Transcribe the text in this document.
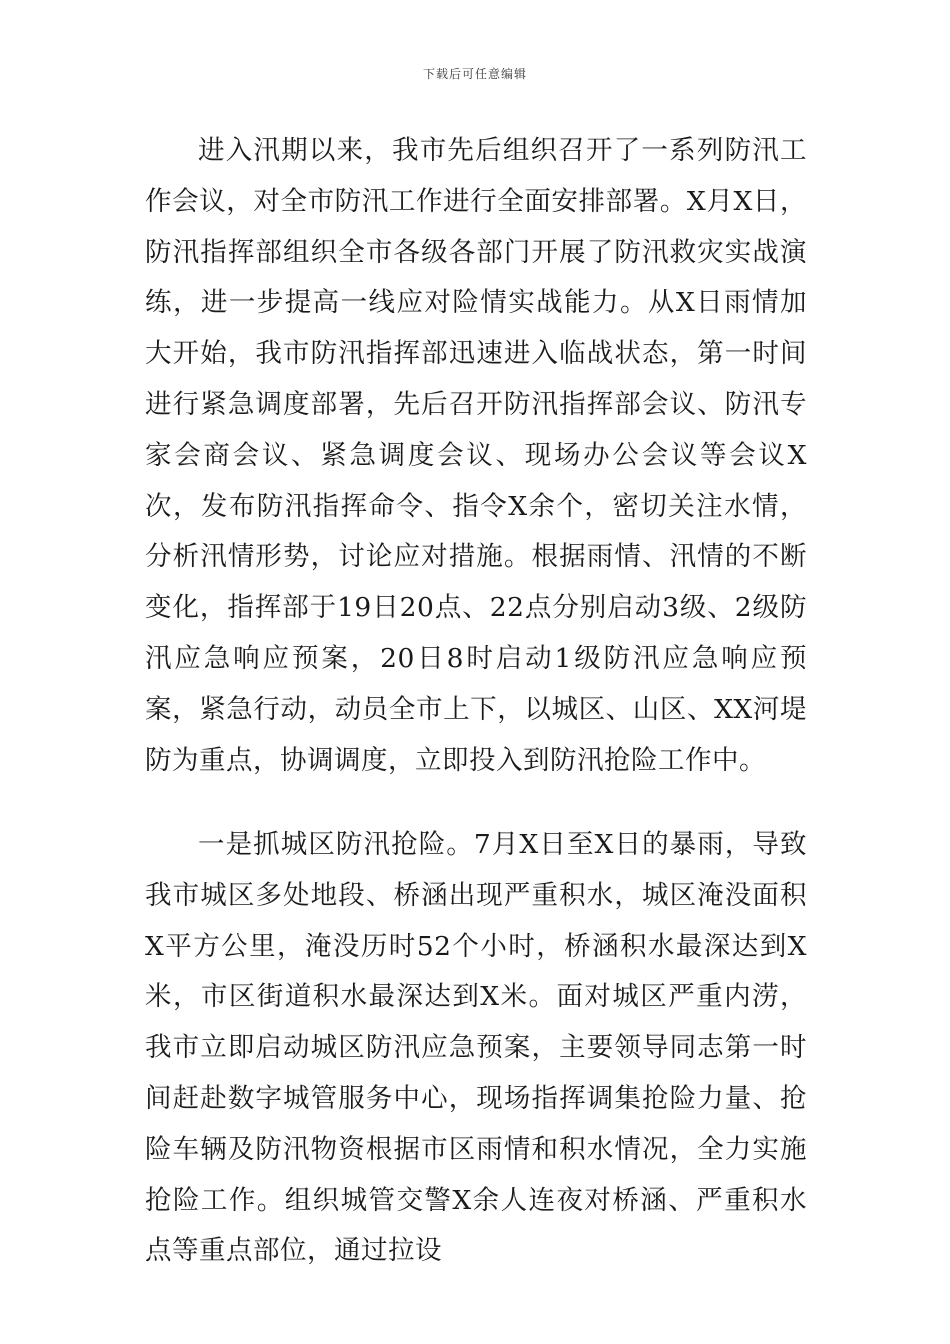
下载后可任意编辑

进入汛期以来，我市先后组织召开了一系列防汛工作会议，对全市防汛工作进行全面安排部署。X月X日，防汛指挥部组织全市各级各部门开展了防汛救灾实战演练，进一步提高一线应对险情实战能力。从X日雨情加大开始，我市防汛指挥部迅速进入临战状态，第一时间进行紧急调度部署，先后召开防汛指挥部会议、防汛专家会商会议、紧急调度会议、现场办公会议等会议X次，发布防汛指挥命令、指令X余个，密切关注水情，分析汛情形势，讨论应对措施。根据雨情、汛情的不断变化，指挥部于19日20点、22点分别启动3级、2级防汛应急响应预案，20日8时启动1级防汛应急响应预案，紧急行动，动员全市上下，以城区、山区、XX河堤防为重点，协调调度，立即投入到防汛抢险工作中。

一是抓城区防汛抢险。7月X日至X日的暴雨，导致我市城区多处地段、桥涵出现严重积水，城区淹没面积X平方公里，淹没历时52个小时，桥涵积水最深达到X米，市区街道积水最深达到X米。面对城区严重内涝，我市立即启动城区防汛应急预案，主要领导同志第一时间赶赴数字城管服务中心，现场指挥调集抢险力量、抢险车辆及防汛物资根据市区雨情和积水情况，全力实施抢险工作。组织城管交警X余人连夜对桥涵、严重积水点等重点部位，通过拉设
